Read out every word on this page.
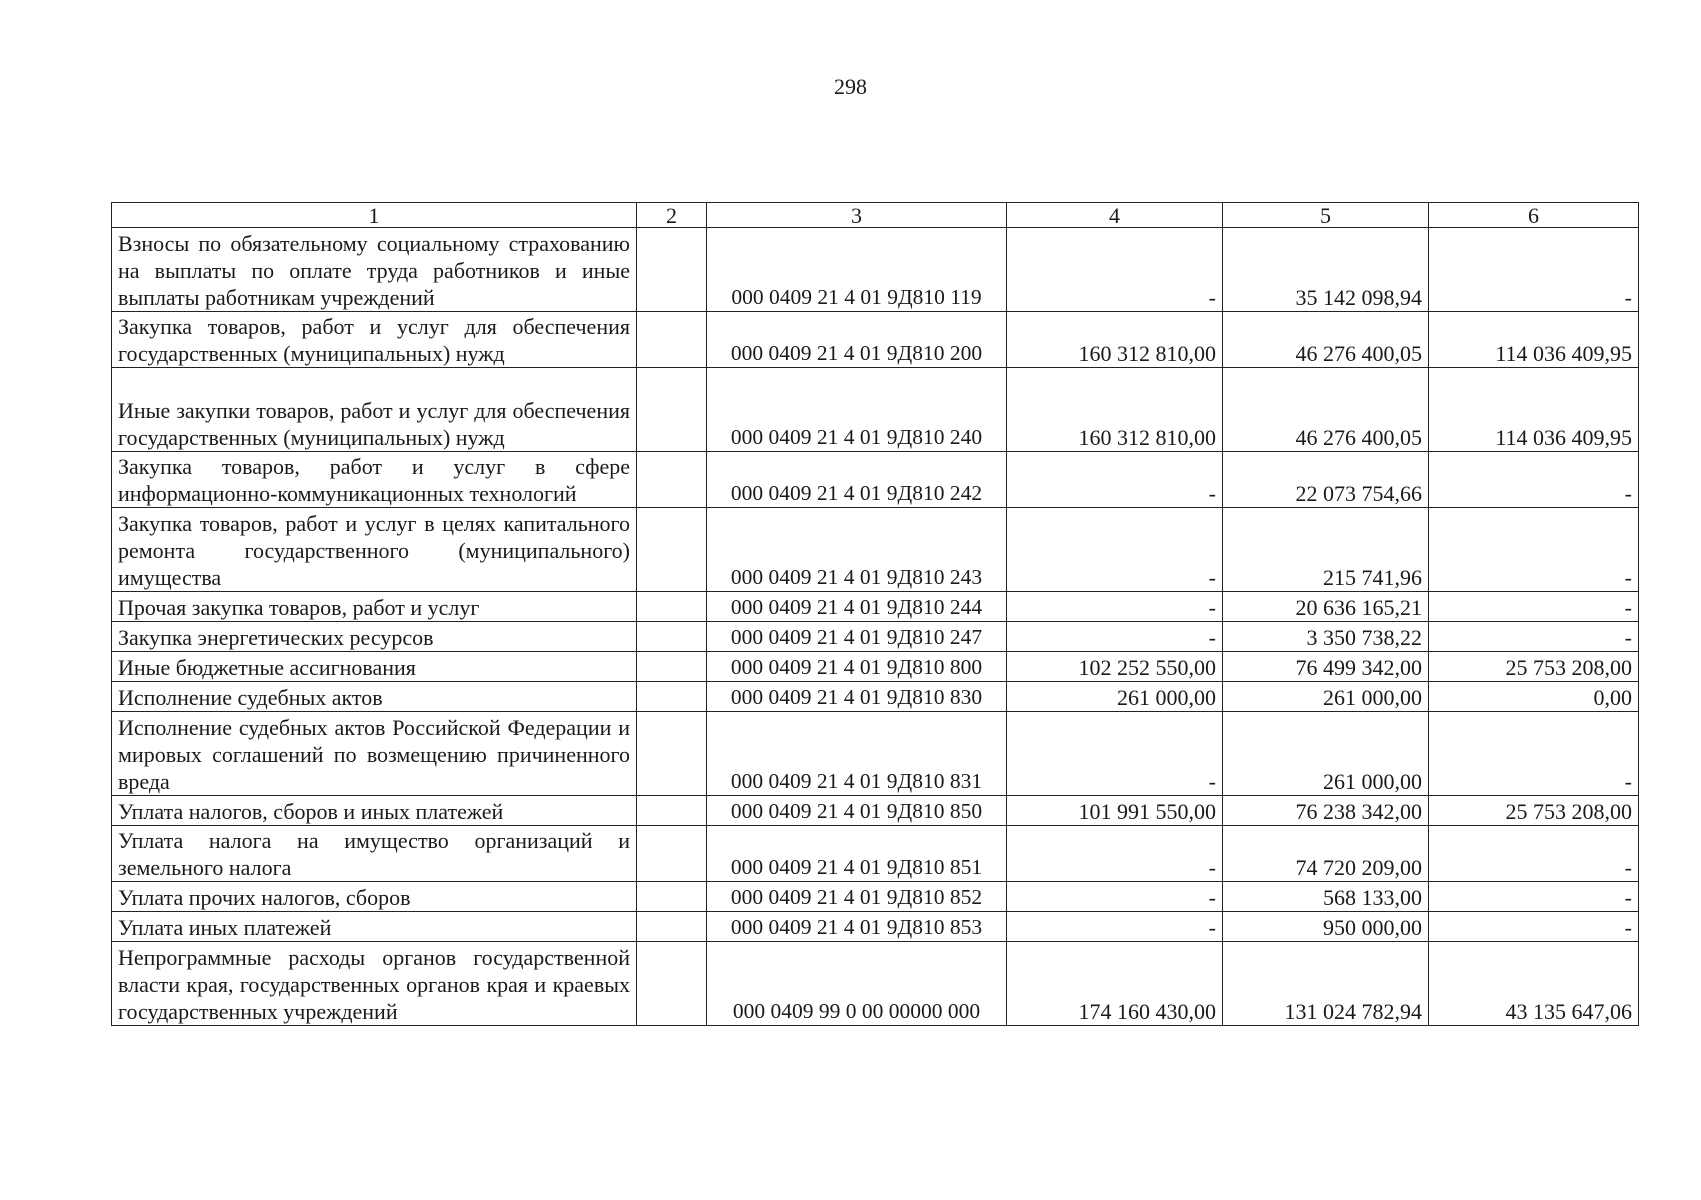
298
1	2	3	4	5	6
Взносы по обязательному социальному страхованию на выплаты по оплате труда работников и иные выплаты работникам учреждений		000 0409 21 4 01 9Д810 119	-	35 142 098,94	-
Закупка товаров, работ и услуг для обеспечения государственных (муниципальных) нужд		000 0409 21 4 01 9Д810 200	160 312 810,00	46 276 400,05	114 036 409,95
Иные закупки товаров, работ и услуг для обеспечения государственных (муниципальных) нужд		000 0409 21 4 01 9Д810 240	160 312 810,00	46 276 400,05	114 036 409,95
Закупка товаров, работ и услуг в сфере информационно-коммуникационных технологий		000 0409 21 4 01 9Д810 242	-	22 073 754,66	-
Закупка товаров, работ и услуг в целях капитального ремонта государственного (муниципального) имущества		000 0409 21 4 01 9Д810 243	-	215 741,96	-
Прочая закупка товаров, работ и услуг		000 0409 21 4 01 9Д810 244	-	20 636 165,21	-
Закупка энергетических ресурсов		000 0409 21 4 01 9Д810 247	-	3 350 738,22	-
Иные бюджетные ассигнования		000 0409 21 4 01 9Д810 800	102 252 550,00	76 499 342,00	25 753 208,00
Исполнение судебных актов		000 0409 21 4 01 9Д810 830	261 000,00	261 000,00	0,00
Исполнение судебных актов Российской Федерации и мировых соглашений по возмещению причиненного вреда		000 0409 21 4 01 9Д810 831	-	261 000,00	-
Уплата налогов, сборов и иных платежей		000 0409 21 4 01 9Д810 850	101 991 550,00	76 238 342,00	25 753 208,00
Уплата налога на имущество организаций и земельного налога		000 0409 21 4 01 9Д810 851	-	74 720 209,00	-
Уплата прочих налогов, сборов		000 0409 21 4 01 9Д810 852	-	568 133,00	-
Уплата иных платежей		000 0409 21 4 01 9Д810 853	-	950 000,00	-
Непрограммные расходы органов государственной власти края, государственных органов края и краевых государственных учреждений		000 0409 99 0 00 00000 000	174 160 430,00	131 024 782,94	43 135 647,06
